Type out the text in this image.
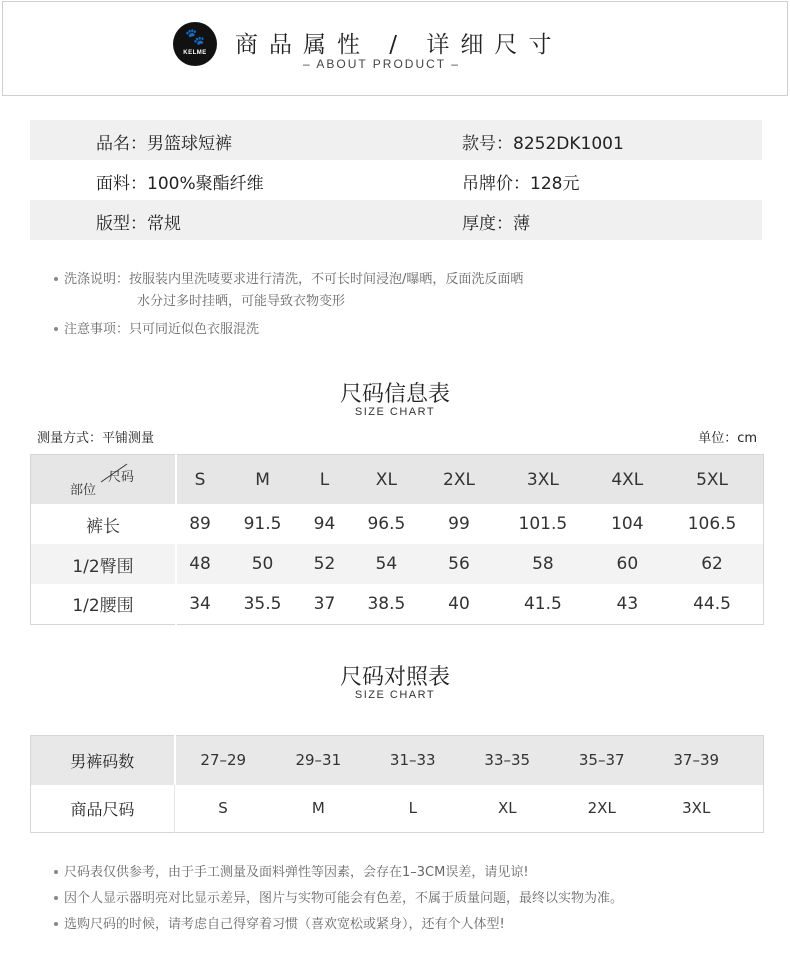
🐾
KELME	商品属性 / 详细尺寸
– ABOUT PRODUCT –
品名：男篮球短裤	款号：8252DK1001
面料：100%聚酯纤维	吊牌价：128元
版型：常规	厚度：薄
洗涤说明：按服装内里洗唛要求进行清洗，不可长时间浸泡/曝晒，反面洗反面晒
水分过多时挂晒，可能导致衣物变形
注意事项：只可同近似色衣服混洗
尺码信息表
SIZE CHART
测量方式：平铺测量	单位：cm
尺码
部位	S	M	L	XL	2XL	3XL	4XL	5XL
裤长	89	91.5	94	96.5	99	101.5	104	106.5
1/2臀围	48	50	52	54	56	58	60	62
1/2腰围	34	35.5	37	38.5	40	41.5	43	44.5
尺码对照表
SIZE CHART
男裤码数	27–29	29–31	31–33	33–35	35–37	37–39	
商品尺码	S	M	L	XL	2XL	3XL	
尺码表仅供参考，由于手工测量及面料弹性等因素，会存在1–3CM误差，请见谅!
因个人显示器明亮对比显示差异，图片与实物可能会有色差，不属于质量问题，最终以实物为准。
选购尺码的时候，请考虑自己得穿着习惯（喜欢宽松或紧身），还有个人体型!
